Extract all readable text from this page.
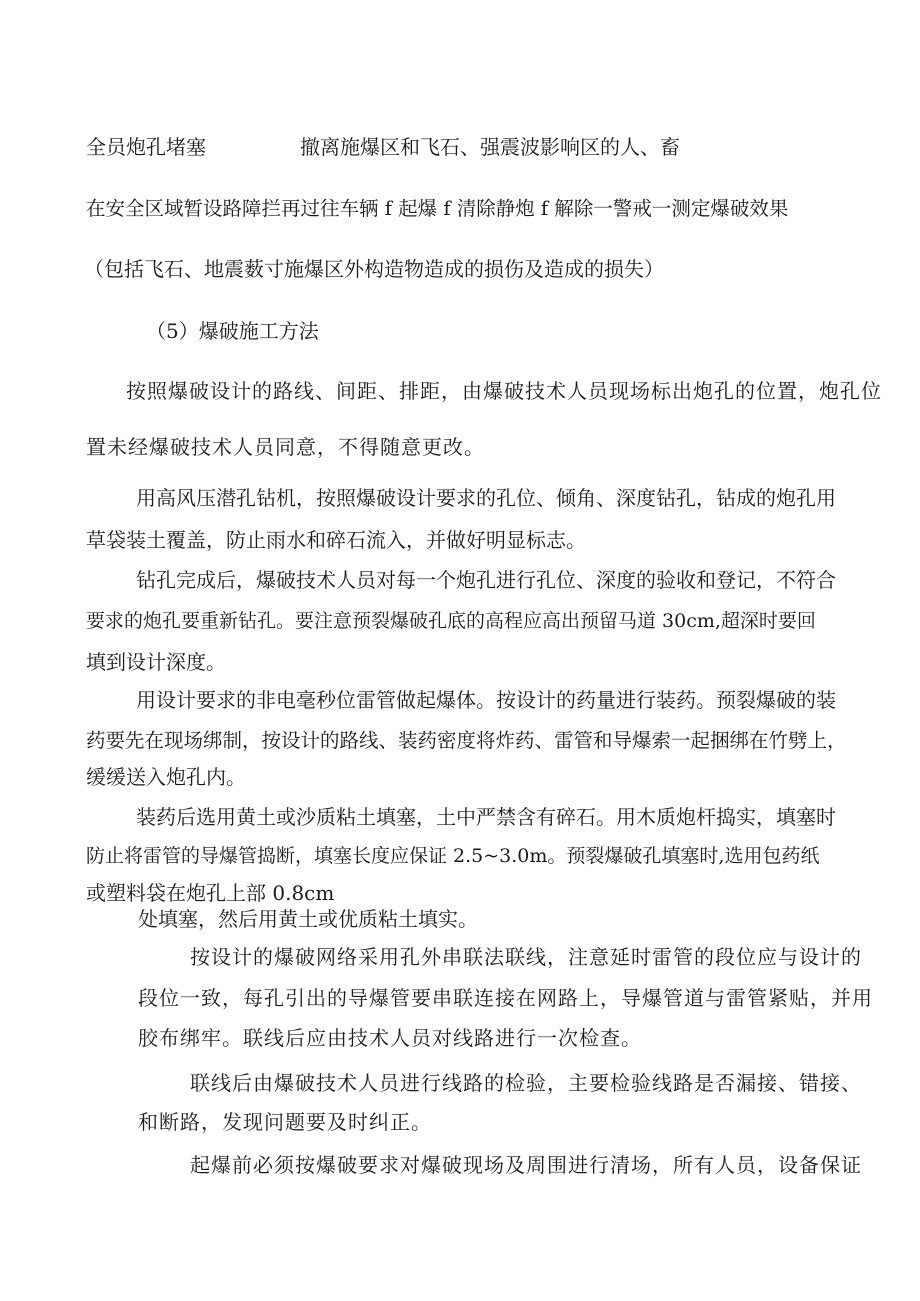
全员炮孔堵塞	撤离施爆区和飞石、强震波影响区的人、畜
在安全区域暂设路障拦再过往车辆 f 起爆 f 清除静炮 f 解除一警戒一测定爆破效果
（包括飞石、地震薮寸施爆区外构造物造成的损伤及造成的损失）
（5）爆破施工方法
按照爆破设计的路线、间距、排距，由爆破技术人员现场标出炮孔的位置，炮孔位
置未经爆破技术人员同意，不得随意更改。
用高风压潜孔钻机，按照爆破设计要求的孔位、倾角、深度钻孔，钻成的炮孔用
草袋装土覆盖，防止雨水和碎石流入，并做好明显标志。
钻孔完成后，爆破技术人员对每一个炮孔进行孔位、深度的验收和登记，不符合
要求的炮孔要重新钻孔。要注意预裂爆破孔底的高程应高出预留马道 30cm,超深时要回
填到设计深度。
用设计要求的非电毫秒位雷管做起爆体。按设计的药量进行装药。预裂爆破的装
药要先在现场绑制，按设计的路线、装药密度将炸药、雷管和导爆索一起捆绑在竹劈上，
缓缓送入炮孔内。
装药后选用黄土或沙质粘土填塞，土中严禁含有碎石。用木质炮杆捣实，填塞时
防止将雷管的导爆管捣断，填塞长度应保证 2.5~3.0m。预裂爆破孔填塞时,选用包药纸
或塑料袋在炮孔上部 0.8cm
处填塞，然后用黄土或优质粘土填实。
按设计的爆破网络采用孔外串联法联线，注意延时雷管的段位应与设计的
段位一致，每孔引出的导爆管要串联连接在网路上，导爆管道与雷管紧贴，并用
胶布绑牢。联线后应由技术人员对线路进行一次检查。
联线后由爆破技术人员进行线路的检验，主要检验线路是否漏接、错接、
和断路，发现问题要及时纠正。
起爆前必须按爆破要求对爆破现场及周围进行清场，所有人员，设备保证
